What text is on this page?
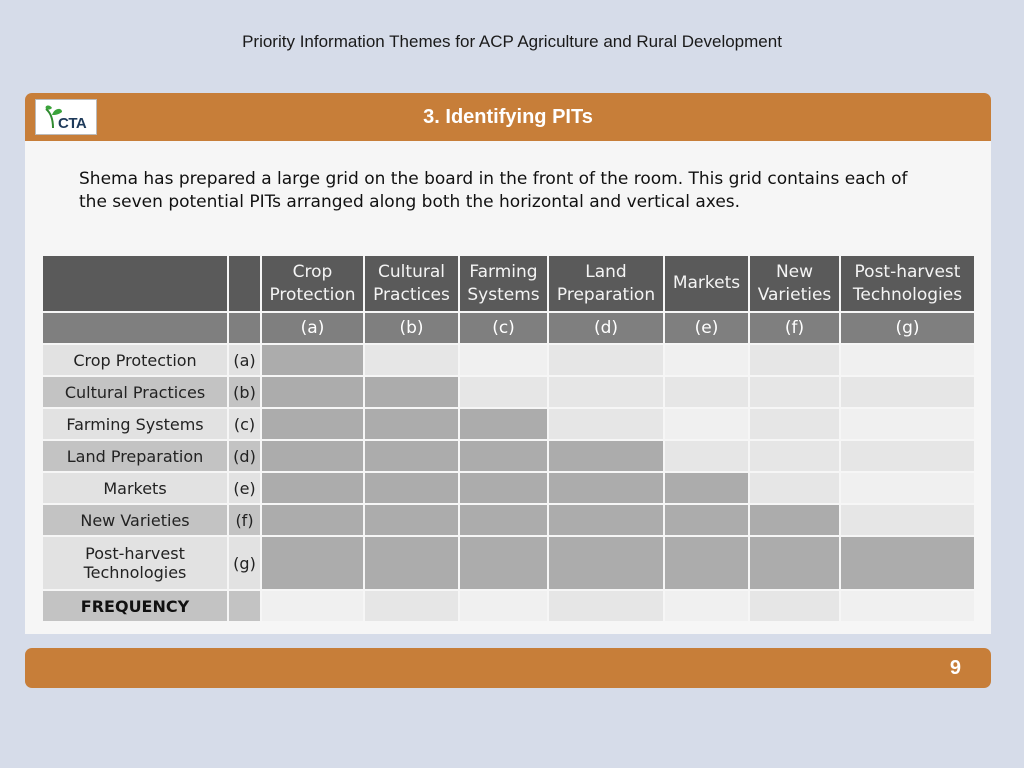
Priority Information Themes for ACP Agriculture and Rural Development
CTA	3. Identifying PITs
Shema has prepared a large grid on the board in the front of the room. This grid contains each of the seven potential PITs arranged along both the horizontal and vertical axes.
		Crop Protection	Cultural Practices	Farming Systems	Land Preparation	Markets	New Varieties	Post-harvest Technologies
		(a)	(b)	(c)	(d)	(e)	(f)	(g)
Crop Protection	(a)							
Cultural Practices	(b)							
Farming Systems	(c)							
Land Preparation	(d)							
Markets	(e)							
New Varieties	(f)							
Post-harvest Technologies	(g)							
FREQUENCY								
9
